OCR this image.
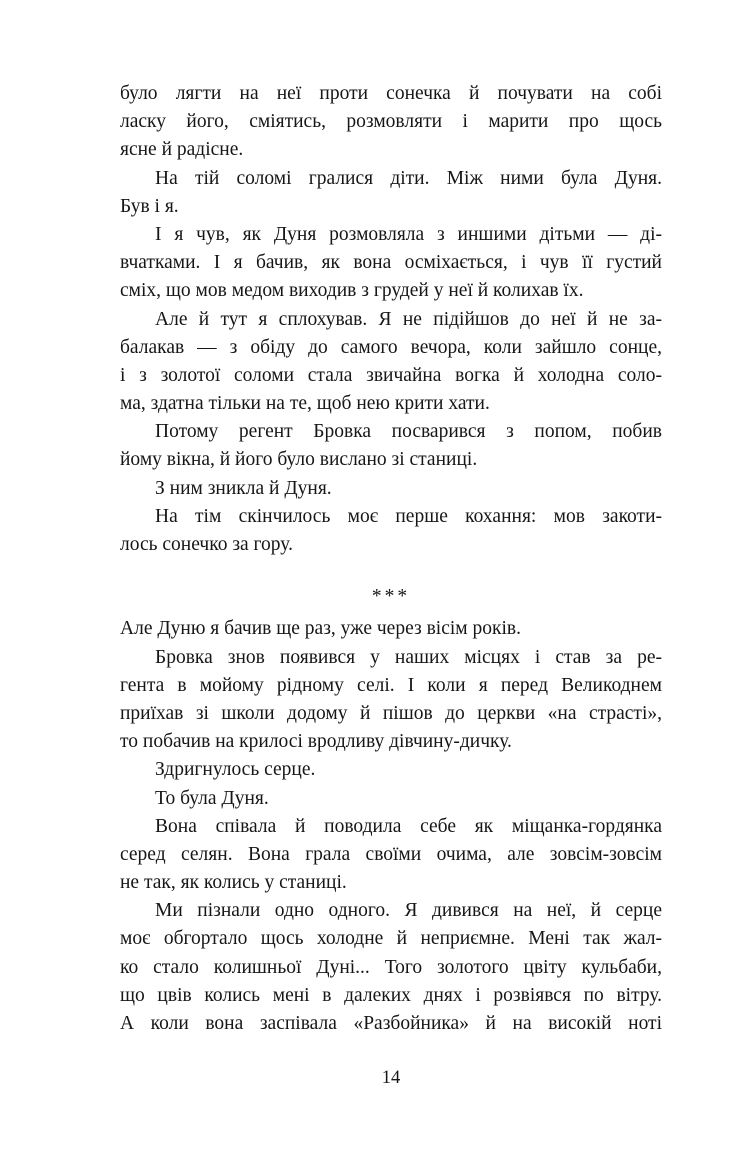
було лягти на неї проти сонечка й почувати на собі
ласку його, сміятись, розмовляти і марити про щось
ясне й радісне.
На тій соломі гралися діти. Між ними була Дуня.
Був і я.
І я чув, як Дуня розмовляла з иншими дітьми — ді-
вчатками. І я бачив, як вона осміхається, і чув її густий
сміх, що мов медом виходив з грудей у неї й колихав їх.
Але й тут я сплохував. Я не підійшов до неї й не за-
балакав — з обіду до самого вечора, коли зайшло сонце,
і з золотої соломи стала звичайна вогка й холодна соло-
ма, здатна тільки на те, щоб нею крити хати.
Потому регент Бровка посварився з попом, побив
йому вікна, й його було вислано зі станиці.
З ним зникла й Дуня.
На тім скінчилось моє перше кохання: мов закоти-
лось сонечко за гору.
***
Але Дуню я бачив ще раз, уже через вісім років.
Бровка знов появився у наших місцях і став за ре-
гента в мойому рідному селі. І коли я перед Великоднем
приїхав зі школи додому й пішов до церкви «на страсті»,
то побачив на крилосі вродливу дівчину-дичку.
Здригнулось серце.
То була Дуня.
Вона співала й поводила себе як міщанка-гордянка
серед селян. Вона грала своїми очима, але зовсім-зовсім
не так, як колись у станиці.
Ми пізнали одно одного. Я дивився на неї, й серце
моє обгортало щось холодне й неприємне. Мені так жал-
ко стало колишньої Дуні... Того золотого цвіту кульбаби,
що цвів колись мені в далеких днях і розвіявся по вітру.
А коли вона заспівала «Разбойника» й на високій ноті
14
